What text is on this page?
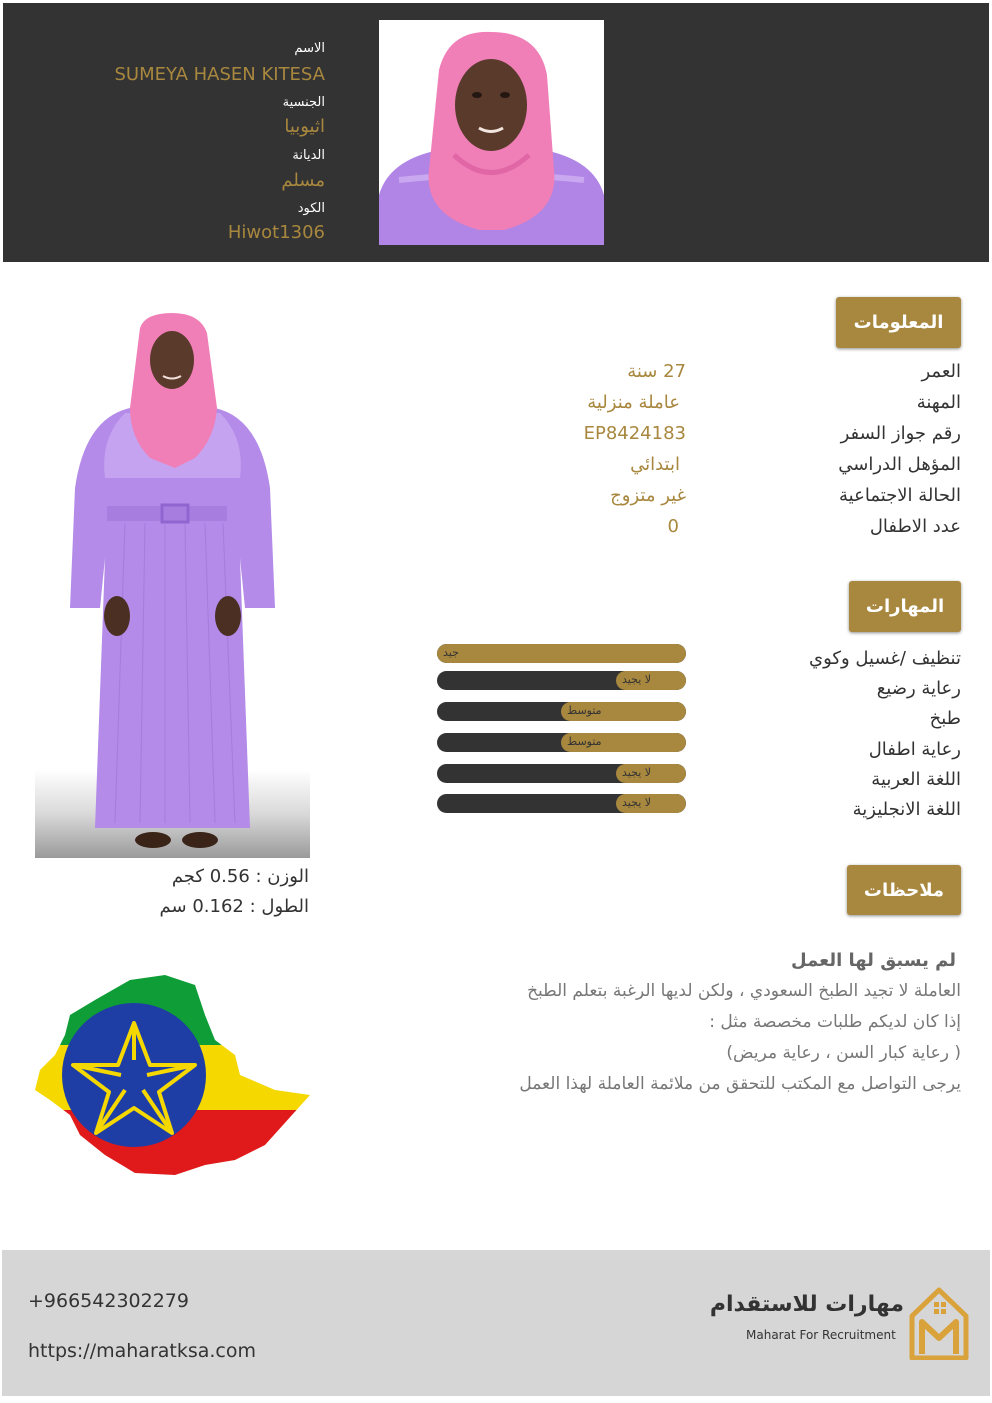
الاسم
SUMEYA HASEN KITESA
الجنسية
اثيوبيا
الديانة
مسلم
الكود
Hiwot1306
المعلومات
العمر
27 سنة
المهنة
عاملة منزلية
رقم جواز السفر
EP8424183
المؤهل الدراسي
ابتدائي
الحالة الاجتماعية
غير متزوج
عدد الاطفال
0
المهارات
تنظيف /غسيل وكوي
جيد
رعاية رضيع
لا يجيد
طبخ
متوسط
رعاية اطفال
متوسط
اللغة العربية
لا يجيد
اللغة الانجليزية
لا يجيد
ملاحظات
لم يسبق لها العمل
العاملة لا تجيد الطبخ السعودي ، ولكن لديها الرغبة بتعلم الطبخ
إذا كان لديكم طلبات مخصصة مثل :
( رعاية كبار السن ، رعاية مريض)
يرجى التواصل مع المكتب للتحقق من ملائمة العاملة لهذا العمل
الوزن : 0.56 كجم
الطول : 0.162 سم
+966542302279
https://maharatksa.com
مهارات للاستقدام
Maharat For Recruitment
